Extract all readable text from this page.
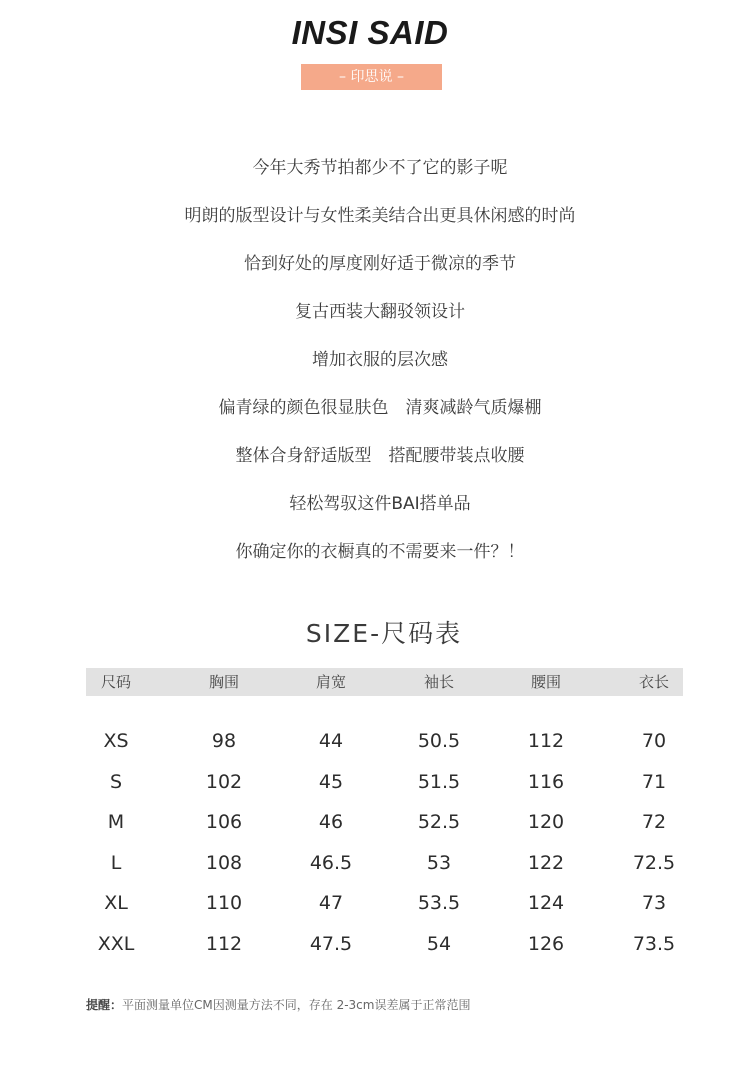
INSI SAID
– 印思说 –
今年大秀节拍都少不了它的影子呢
明朗的版型设计与女性柔美结合出更具休闲感的时尚
恰到好处的厚度刚好适于微凉的季节
复古西装大翻驳领设计
增加衣服的层次感
偏青绿的颜色很显肤色　清爽减龄气质爆棚
整体合身舒适版型　搭配腰带装点收腰
轻松驾驭这件BAI搭单品
你确定你的衣橱真的不需要来一件？！
SIZE-尺码表
尺码	胸围	肩宽	袖长	腰围	衣长
XS	98	44	50.5	112	70
S	102	45	51.5	116	71
M	106	46	52.5	120	72
L	108	46.5	53	122	72.5
XL	110	47	53.5	124	73
XXL	112	47.5	54	126	73.5
提醒：平面测量单位CM因测量方法不同，存在 2-3cm误差属于正常范围
